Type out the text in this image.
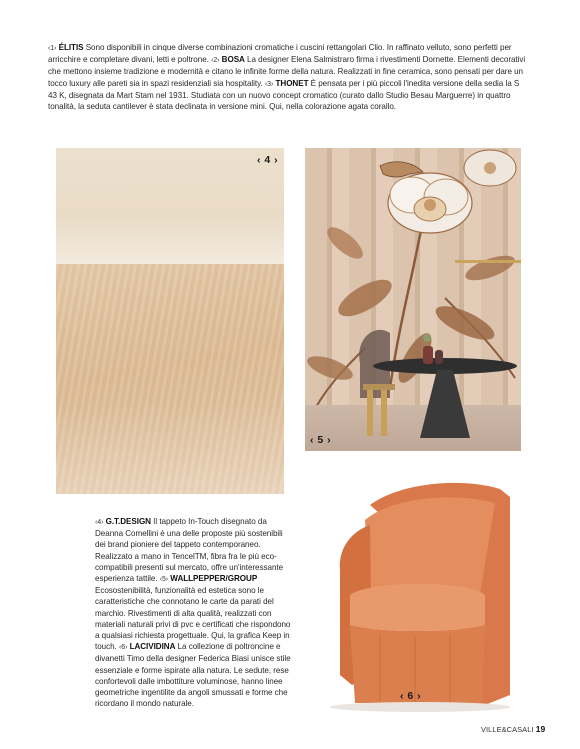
‹1› ÉLITIS Sono disponibili in cinque diverse combinazioni cromatiche i cuscini rettangolari Clio. In raffinato velluto, sono perfetti per arricchire e completare divani, letti e poltrone. ‹2› BOSA La designer Elena Salmistraro firma i rivestimenti Dornette. Elementi decorativi che mettono insieme tradizione e modernità e citano le infinite forme della natura. Realizzati in fine ceramica, sono pensati per dare un tocco luxury alle pareti sia in spazi residenziali sia hospitality. ‹3› THONET È pensata per i più piccoli l'inedita versione della sedia la S 43 K, disegnata da Mart Stam nel 1931. Studiata con un nuovo concept cromatico (curato dallo Studio Besau Marguerre) in quattro tonalità, la seduta cantilever è stata declinata in versione mini. Qui, nella colorazione agata corallo.

‹ 4 ›
‹ 5 ›

‹4› G.T.DESIGN Il tappeto In-Touch disegnato da Deanna Comellini è una delle proposte più sostenibili dei brand pioniere del tappeto contemporaneo. Realizzato a mano in TencelTM, fibra fra le più eco-compatibili presenti sul mercato, offre un'interessante esperienza tattile. ‹5› WALLPEPPER/GROUP Ecosostenibilità, funzionalità ed estetica sono le caratteristiche che connotano le carte da parati del marchio. Rivestimenti di alta qualità, realizzati con materiali naturali privi di pvc e certificati che rispondono a qualsiasi richiesta progettuale. Qui, la grafica Keep in touch. ‹6› LACIVIDINA La collezione di poltroncine e divanetti Timo della designer Federica Biasi unisce stile essenziale e forme ispirate alla natura. Le sedute, rese confortevoli dalle imbottiture voluminose, hanno linee geometriche ingentilite da angoli smussati e forme che ricordano il mondo naturale.

‹ 6 ›
VILLE&CASALI 19
